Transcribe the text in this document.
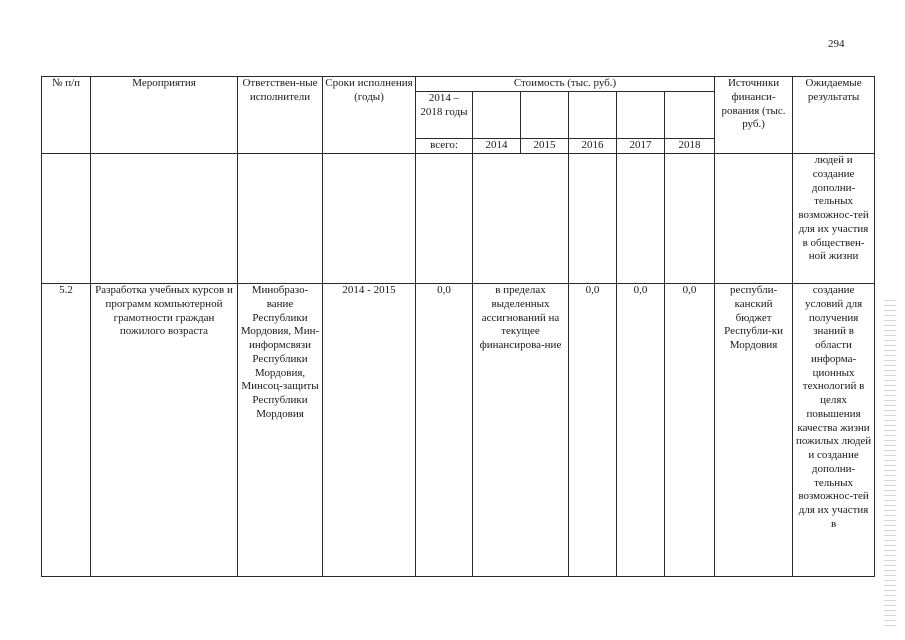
294
№ п/п	Мероприятия	Ответствен-ные исполнители	Сроки исполнения (годы)	Стоимость (тыс. руб.)						Источники финанси-рования (тыс. руб.)	Ожидаемые результаты
				2014 – 2018 годы							
				всего:	2014	2015	2016	2017	2018		
											людей и создание дополни-тельных возможнос-тей для их участия в обществен-ной жизни
5.2	Разработка учебных курсов и программ компьютерной грамотности граждан пожилого возраста	Минобразо-вание Республики Мордовия, Мин-информсвязи Республики Мордовия, Минсоц-защиты Республики Мордовия	2014 - 2015	0,0	в пределах выделенных ассигнований на текущее финансирова-ние		0,0	0,0	0,0	республи-канский бюджет Республи-ки Мордовия	создание условий для получения знаний в области информа-ционных технологий в целях повышения качества жизни пожилых людей и создание дополни-тельных возможнос-тей для их участия в
